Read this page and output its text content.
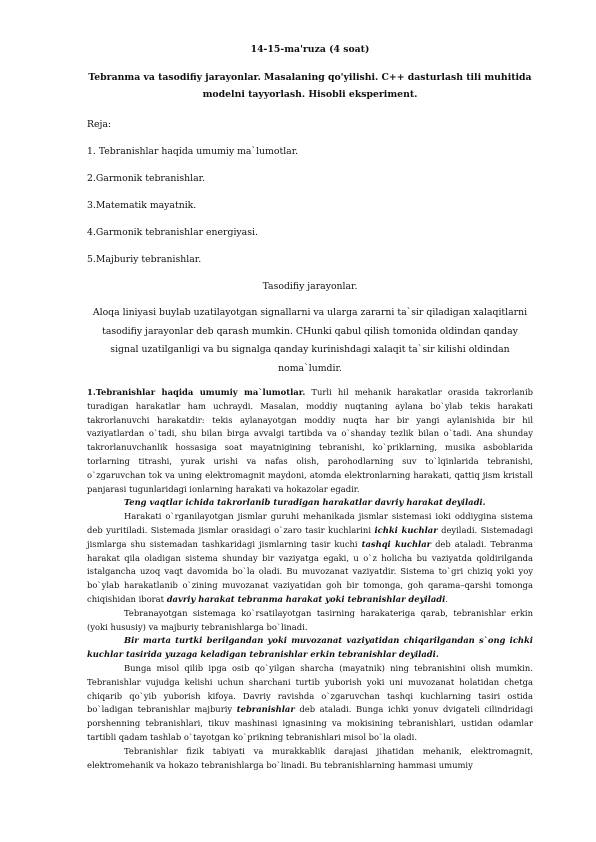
14-15-ma'ruza (4 soat)

Tebranma va tasodifiy jarayonlar. Masalaning qo'yilishi. C++ dasturlash tili muhitida modelni tayyorlash. Hisobli eksperiment.

Reja:

1. Tebranishlar haqida umumiy ma`lumotlar.

2.Garmonik tebranishlar.

3.Matematik mayatnik.

4.Garmonik tebranishlar energiyasi.

5.Majburiy tebranishlar.

Tasodifiy jarayonlar.

Aloqa liniyasi buylab uzatilayotgan signallarni va ularga zararni ta`sir qiladigan xalaqitlarni tasodifiy jarayonlar deb qarash mumkin. CHunki qabul qilish tomonida oldindan qanday signal uzatilganligi va bu signalga qanday kurinishdagi xalaqit ta`sir kilishi oldindan noma`lumdir.

1.Tebranishlar haqida umumiy ma`lumotlar. Turli hil mehanik harakatlar orasida takrorlanib turadigan harakatlar ham uchraydi. Masalan, moddiy nuqtaning aylana bo`ylab tekis harakati takrorlanuvchi harakatdir: tekis aylanayotgan moddiy nuqta har bir yangi aylanishida bir hil vaziyatlardan o`tadi, shu bilan birga avvalgi tartibda va o`shanday tezlik bilan o`tadi. Ana shunday takrorlanuvchanlik hossasiga soat mayatnigining tebranishi, ko`priklarning, musika asboblarida torlarning titrashi, yurak urishi va nafas olish, parohodlarning suv to`lqinlarida tebranishi, o`zgaruvchan tok va uning elektromagnit maydoni, atomda elektronlarning harakati, qattiq jism kristall panjarasi tugunlaridagi ionlarning harakati va hokazolar egadir.

Teng vaqtlar ichida takrorlanib turadigan harakatlar davriy harakat deyiladi.

Harakati o`rganilayotgan jismlar guruhi mehanikada jismlar sistemasi ioki oddiygina sistema deb yuritiladi. Sistemada jismlar orasidagi o`zaro tasir kuchlarini ichki kuchlar deyiladi. Sistemadagi jismlarga shu sistemadan tashkaridagi jismlarning tasir kuchi tashqi kuchlar deb ataladi. Tebranma harakat qila oladigan sistema shunday bir vaziyatga egaki, u o`z holicha bu vaziyatda qoldirilganda istalgancha uzoq vaqt davomida bo`la oladi. Bu muvozanat vaziyatdir. Sistema to`gri chiziq yoki yoy bo`ylab harakatlanib o`zining muvozanat vaziyatidan goh bir tomonga, goh qarama–qarshi tomonga chiqishidan iborat davriy harakat tebranma harakat yoki tebranishlar deyiladi.

Tebranayotgan sistemaga ko`rsatilayotgan tasirning harakateriga qarab, tebranishlar erkin (yoki hususiy) va majburiy tebranishlarga bo`linadi.

Bir marta turtki berilgandan yoki muvozanat vaziyatidan chiqarilgandan s`ong ichki kuchlar tasirida yuzaga keladigan tebranishlar erkin tebranishlar deyiladi.

Bunga misol qilib ipga osib qo`yilgan sharcha (mayatnik) ning tebranishini olish mumkin. Tebranishlar vujudga kelishi uchun sharchani turtib yuborish yoki uni muvozanat holatidan chetga chiqarib qo`yib yuborish kifoya. Davriy ravishda o`zgaruvchan tashqi kuchlarning tasiri ostida bo`ladigan tebranishlar majburiy tebranishlar deb ataladi. Bunga ichki yonuv dvigateli cilindridagi porshenning tebranishlari, tikuv mashinasi ignasining va mokisining tebranishlari, ustidan odamlar tartibli qadam tashlab o`tayotgan ko`prikning tebranishlari misol bo`la oladi.

Tebranishlar fizik tabiyati va murakkablik darajasi jihatidan mehanik, elektromagnit, elektromehanik va hokazo tebranishlarga bo`linadi. Bu tebranishlarning hammasi umumiy
